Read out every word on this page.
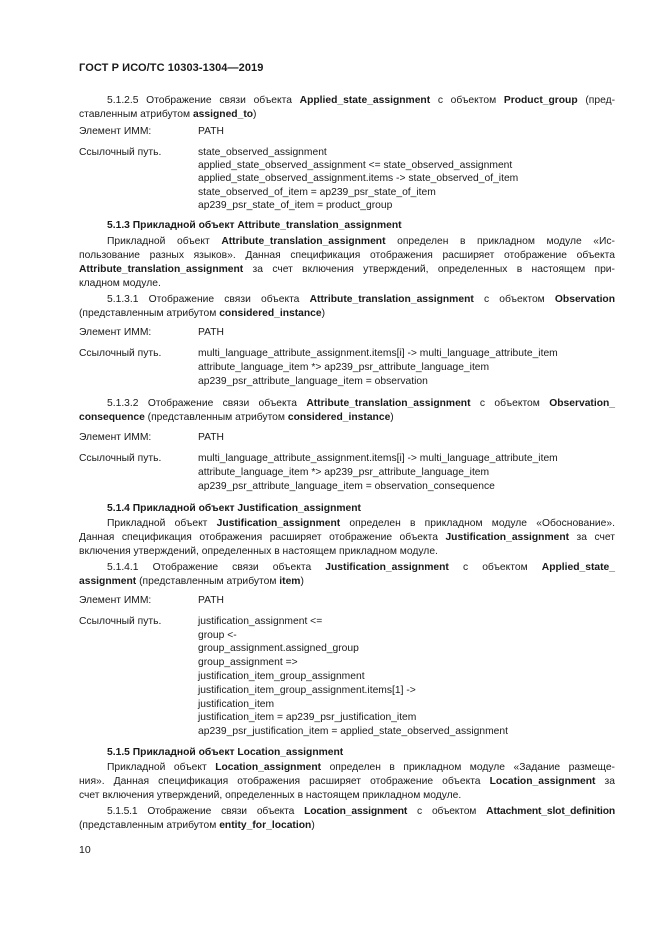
ГОСТ Р ИСО/ТС 10303-1304—2019
5.1.2.5 Отображение связи объекта Applied_state_assignment с объектом Product_group (пред-
ставленным атрибутом assigned_to)
Элемент ИММ:	PATH
Ссылочный путь.	state_observed_assignment
applied_state_observed_assignment <= state_observed_assignment
applied_state_observed_assignment.items -> state_observed_of_item
state_observed_of_item = ap239_psr_state_of_item
ap239_psr_state_of_item = product_group
5.1.3 Прикладной объект Attribute_translation_assignment
Прикладной объект Attribute_translation_assignment определен в прикладном модуле «Ис-
пользование разных языков». Данная спецификация отображения расширяет отображение объекта
Attribute_translation_assignment за счет включения утверждений, определенных в настоящем при-
кладном модуле.
5.1.3.1 Отображение связи объекта Attribute_translation_assignment с объектом Observation
(представленным атрибутом considered_instance)
Элемент ИММ:	PATH
Ссылочный путь.	multi_language_attribute_assignment.items[i] -> multi_language_attribute_item
attribute_language_item *> ap239_psr_attribute_language_item
ap239_psr_attribute_language_item = observation
5.1.3.2 Отображение связи объекта Attribute_translation_assignment с объектом Observation_
consequence (представленным атрибутом considered_instance)
Элемент ИММ:	PATH
Ссылочный путь.	multi_language_attribute_assignment.items[i] -> multi_language_attribute_item
attribute_language_item *> ap239_psr_attribute_language_item
ap239_psr_attribute_language_item = observation_consequence
5.1.4 Прикладной объект Justification_assignment
Прикладной объект Justification_assignment определен в прикладном модуле «Обоснование».
Данная спецификация отображения расширяет отображение объекта Justification_assignment за счет
включения утверждений, определенных в настоящем прикладном модуле.
5.1.4.1 Отображение связи объекта Justification_assignment с объектом Applied_state_
assignment (представленным атрибутом item)
Элемент ИММ:	PATH
Ссылочный путь.	justification_assignment <=
group <-
group_assignment.assigned_group
group_assignment =>
justification_item_group_assignment
justification_item_group_assignment.items[1] ->
justification_item
justification_item = ap239_psr_justification_item
ap239_psr_justification_item = applied_state_observed_assignment
5.1.5 Прикладной объект Location_assignment
Прикладной объект Location_assignment определен в прикладном модуле «Задание размеще-
ния». Данная спецификация отображения расширяет отображение объекта Location_assignment за
счет включения утверждений, определенных в настоящем прикладном модуле.
5.1.5.1 Отображение связи объекта Location_assignment с объектом Attachment_slot_definition
(представленным атрибутом entity_for_location)
10
